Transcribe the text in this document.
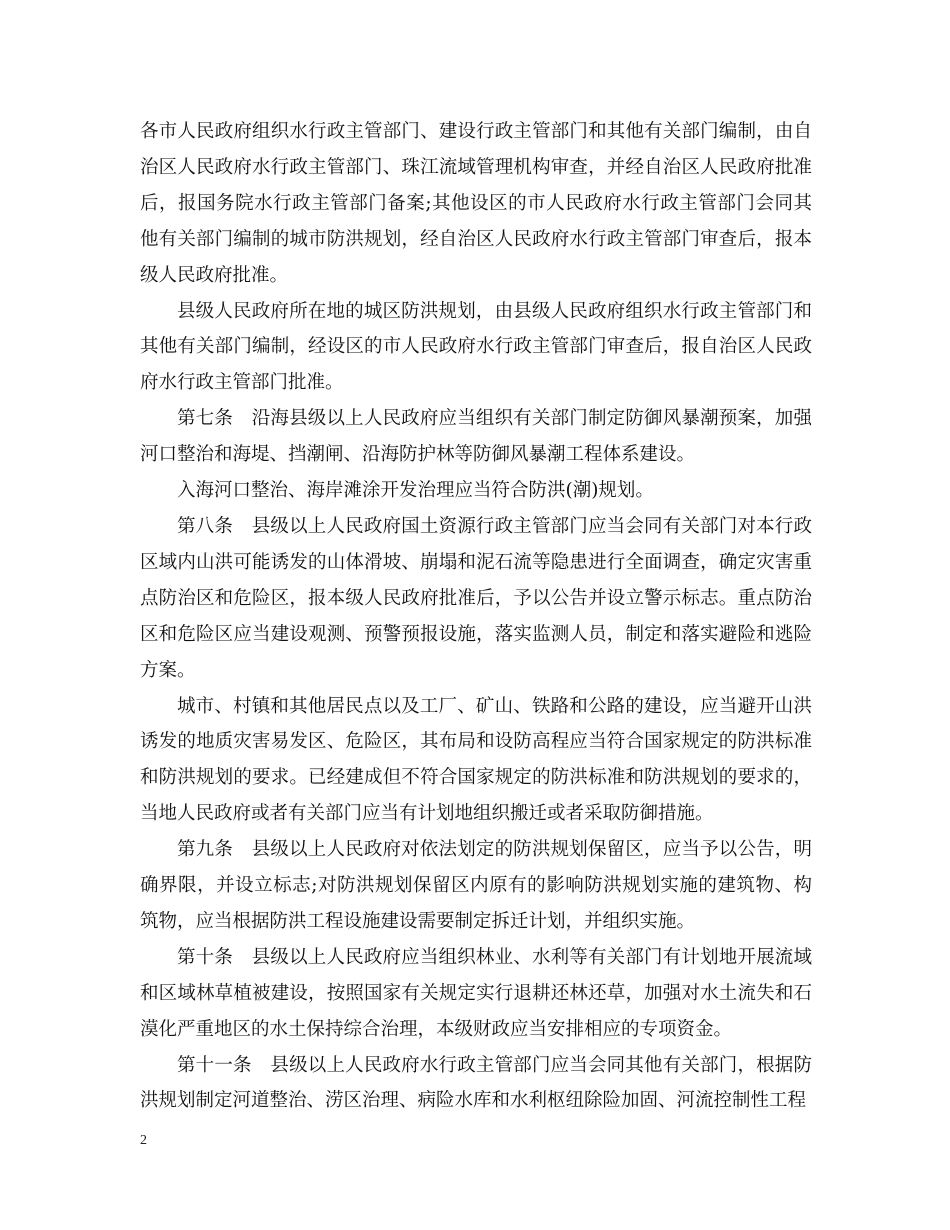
各市人民政府组织水行政主管部门、建设行政主管部门和其他有关部门编制，由自治区人民政府水行政主管部门、珠江流域管理机构审查，并经自治区人民政府批准后，报国务院水行政主管部门备案;其他设区的市人民政府水行政主管部门会同其他有关部门编制的城市防洪规划，经自治区人民政府水行政主管部门审查后，报本级人民政府批准。

县级人民政府所在地的城区防洪规划，由县级人民政府组织水行政主管部门和其他有关部门编制，经设区的市人民政府水行政主管部门审查后，报自治区人民政府水行政主管部门批准。

第七条　沿海县级以上人民政府应当组织有关部门制定防御风暴潮预案，加强河口整治和海堤、挡潮闸、沿海防护林等防御风暴潮工程体系建设。

入海河口整治、海岸滩涂开发治理应当符合防洪(潮)规划。

第八条　县级以上人民政府国土资源行政主管部门应当会同有关部门对本行政区域内山洪可能诱发的山体滑坡、崩塌和泥石流等隐患进行全面调查，确定灾害重点防治区和危险区，报本级人民政府批准后，予以公告并设立警示标志。重点防治区和危险区应当建设观测、预警预报设施，落实监测人员，制定和落实避险和逃险方案。

城市、村镇和其他居民点以及工厂、矿山、铁路和公路的建设，应当避开山洪诱发的地质灾害易发区、危险区，其布局和设防高程应当符合国家规定的防洪标准和防洪规划的要求。已经建成但不符合国家规定的防洪标准和防洪规划的要求的，当地人民政府或者有关部门应当有计划地组织搬迁或者采取防御措施。

第九条　县级以上人民政府对依法划定的防洪规划保留区，应当予以公告，明确界限，并设立标志;对防洪规划保留区内原有的影响防洪规划实施的建筑物、构筑物，应当根据防洪工程设施建设需要制定拆迁计划，并组织实施。

第十条　县级以上人民政府应当组织林业、水利等有关部门有计划地开展流域和区域林草植被建设，按照国家有关规定实行退耕还林还草，加强对水土流失和石漠化严重地区的水土保持综合治理，本级财政应当安排相应的专项资金。

第十一条　县级以上人民政府水行政主管部门应当会同其他有关部门，根据防洪规划制定河道整治、涝区治理、病险水库和水利枢纽除险加固、河流控制性工程

2
